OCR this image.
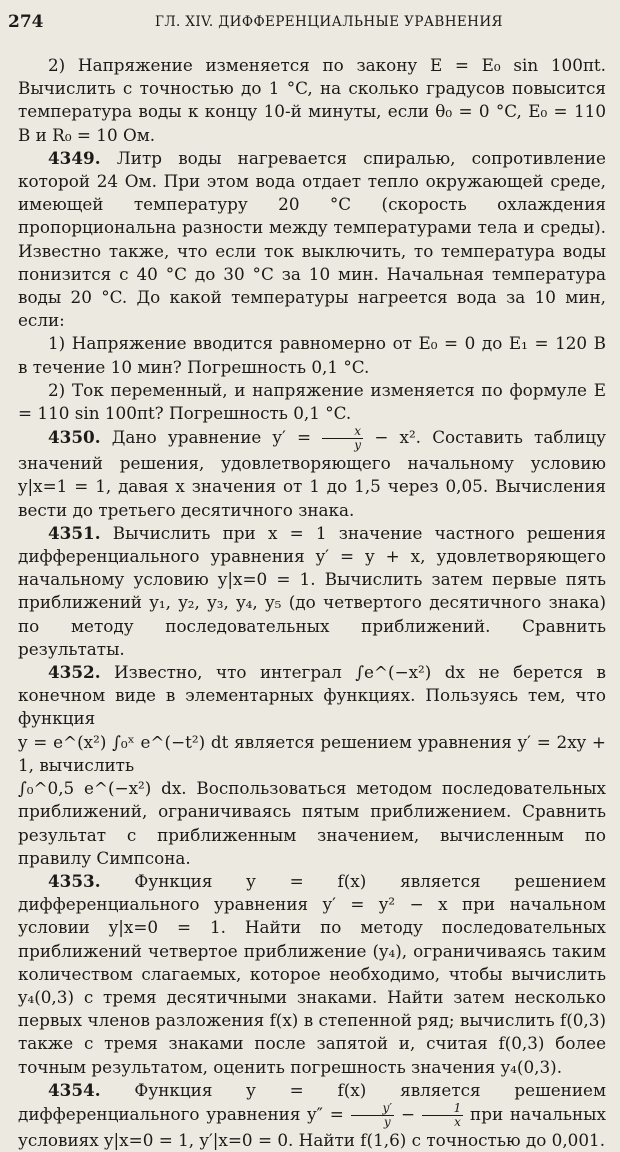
274	ГЛ. XIV. ДИФФЕРЕНЦИАЛЬНЫЕ УРАВНЕНИЯ

2) Напряжение изменяется по закону E = E₀ sin 100πt. Вычислить с точностью до 1 °C, на сколько градусов повысится температура воды к концу 10-й минуты, если θ₀ = 0 °C, E₀ = 110 В и R₀ = 10 Ом.

4349. Литр воды нагревается спиралью, сопротивление которой 24 Ом. При этом вода отдает тепло окружающей среде, имеющей температуру 20 °C (скорость охлаждения пропорциональна разности между температурами тела и среды). Известно также, что если ток выключить, то температура воды понизится с 40 °C до 30 °C за 10 мин. Начальная температура воды 20 °C. До какой температуры нагреется вода за 10 мин, если:

1) Напряжение вводится равномерно от E₀ = 0 до E₁ = 120 В в течение 10 мин? Погрешность 0,1 °C.

2) Ток переменный, и напряжение изменяется по формуле E = 110 sin 100πt? Погрешность 0,1 °C.

4350. Дано уравнение $y' = \frac{x}{y} - x^2$. Составить таблицу значений решения, удовлетворяющего начальному условию y|x=1 = 1, давая x значения от 1 до 1,5 через 0,05. Вычисления вести до третьего десятичного знака.

4351. Вычислить при x = 1 значение частного решения дифференциального уравнения y′ = y + x, удовлетворяющего начальному условию y|x=0 = 1. Вычислить затем первые пять приближений y₁, y₂, y₃, y₄, y₅ (до четвертого десятичного знака) по методу последовательных приближений. Сравнить результаты.

4352. Известно, что интеграл ∫e^(−x²) dx не берется в конечном виде в элементарных функциях. Пользуясь тем, что функция

y = e^(x²) ∫₀ˣ e^(−t²) dt является решением уравнения y′ = 2xy + 1, вычислить

∫₀^0,5 e^(−x²) dx. Воспользоваться методом последовательных приближений, ограничиваясь пятым приближением. Сравнить результат с приближенным значением, вычисленным по правилу Симпсона.

4353. Функция y = f(x) является решением дифференциального уравнения y′ = y² − x при начальном условии y|x=0 = 1. Найти по методу последовательных приближений четвертое приближение (y₄), ограничиваясь таким количеством слагаемых, которое необходимо, чтобы вычислить y₄(0,3) с тремя десятичными знаками. Найти затем несколько первых членов разложения f(x) в степенной ряд; вычислить f(0,3) также с тремя знаками после запятой и, считая f(0,3) более точным результатом, оценить погрешность значения y₄(0,3).

4354. Функция y = f(x) является решением дифференциального уравнения $y'' = \frac{y'}{y} - \frac{1}{x}$ при начальных условиях y|x=0 = 1, y′|x=0 = 0. Найти f(1,6) с точностью до 0,001.
